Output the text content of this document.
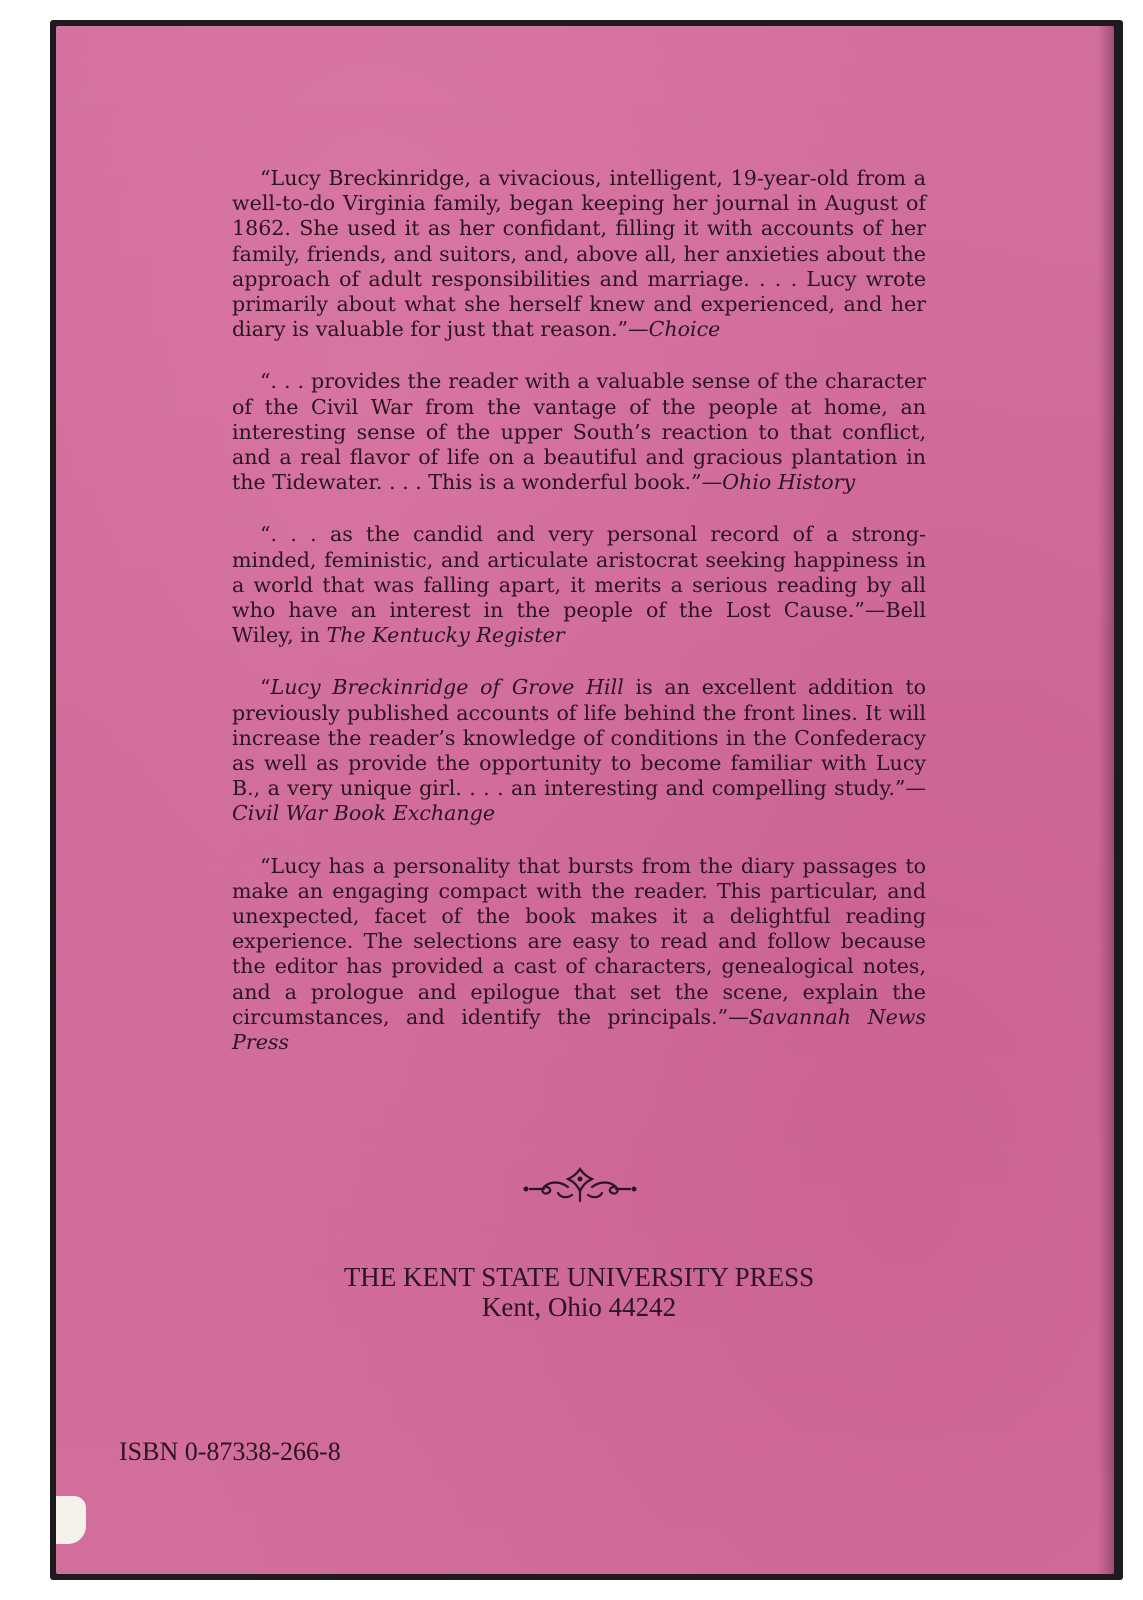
“Lucy Breckinridge, a vivacious, intelligent, 19-year-old from a well-to-do Virginia family, began keeping her journal in August of 1862. She used it as her confidant, filling it with accounts of her family, friends, and suitors, and, above all, her anxieties about the approach of adult responsibilities and marriage. . . . Lucy wrote primarily about what she herself knew and experienced, and her diary is valuable for just that reason.”—Choice

“. . . provides the reader with a valuable sense of the character of the Civil War from the vantage of the people at home, an interesting sense of the upper South’s reaction to that conflict, and a real flavor of life on a beautiful and gracious plantation in the Tidewater. . . . This is a wonderful book.”—Ohio History

“. . . as the candid and very personal record of a strong-minded, feministic, and articulate aristocrat seeking happiness in a world that was falling apart, it merits a serious reading by all who have an interest in the people of the Lost Cause.”—Bell Wiley, in The Kentucky Register

“Lucy Breckinridge of Grove Hill is an excellent addition to previously published accounts of life behind the front lines. It will increase the reader’s knowledge of conditions in the Confederacy as well as provide the opportunity to become familiar with Lucy B., a very unique girl. . . . an interesting and compelling study.”—Civil War Book Exchange

“Lucy has a personality that bursts from the diary passages to make an engaging compact with the reader. This particular, and unexpected, facet of the book makes it a delightful reading experience. The selections are easy to read and follow because the editor has provided a cast of characters, genealogical notes, and a prologue and epilogue that set the scene, explain the circumstances, and identify the principals.”—Savannah News Press

THE KENT STATE UNIVERSITY PRESS
Kent, Ohio 44242
ISBN 0-87338-266-8
